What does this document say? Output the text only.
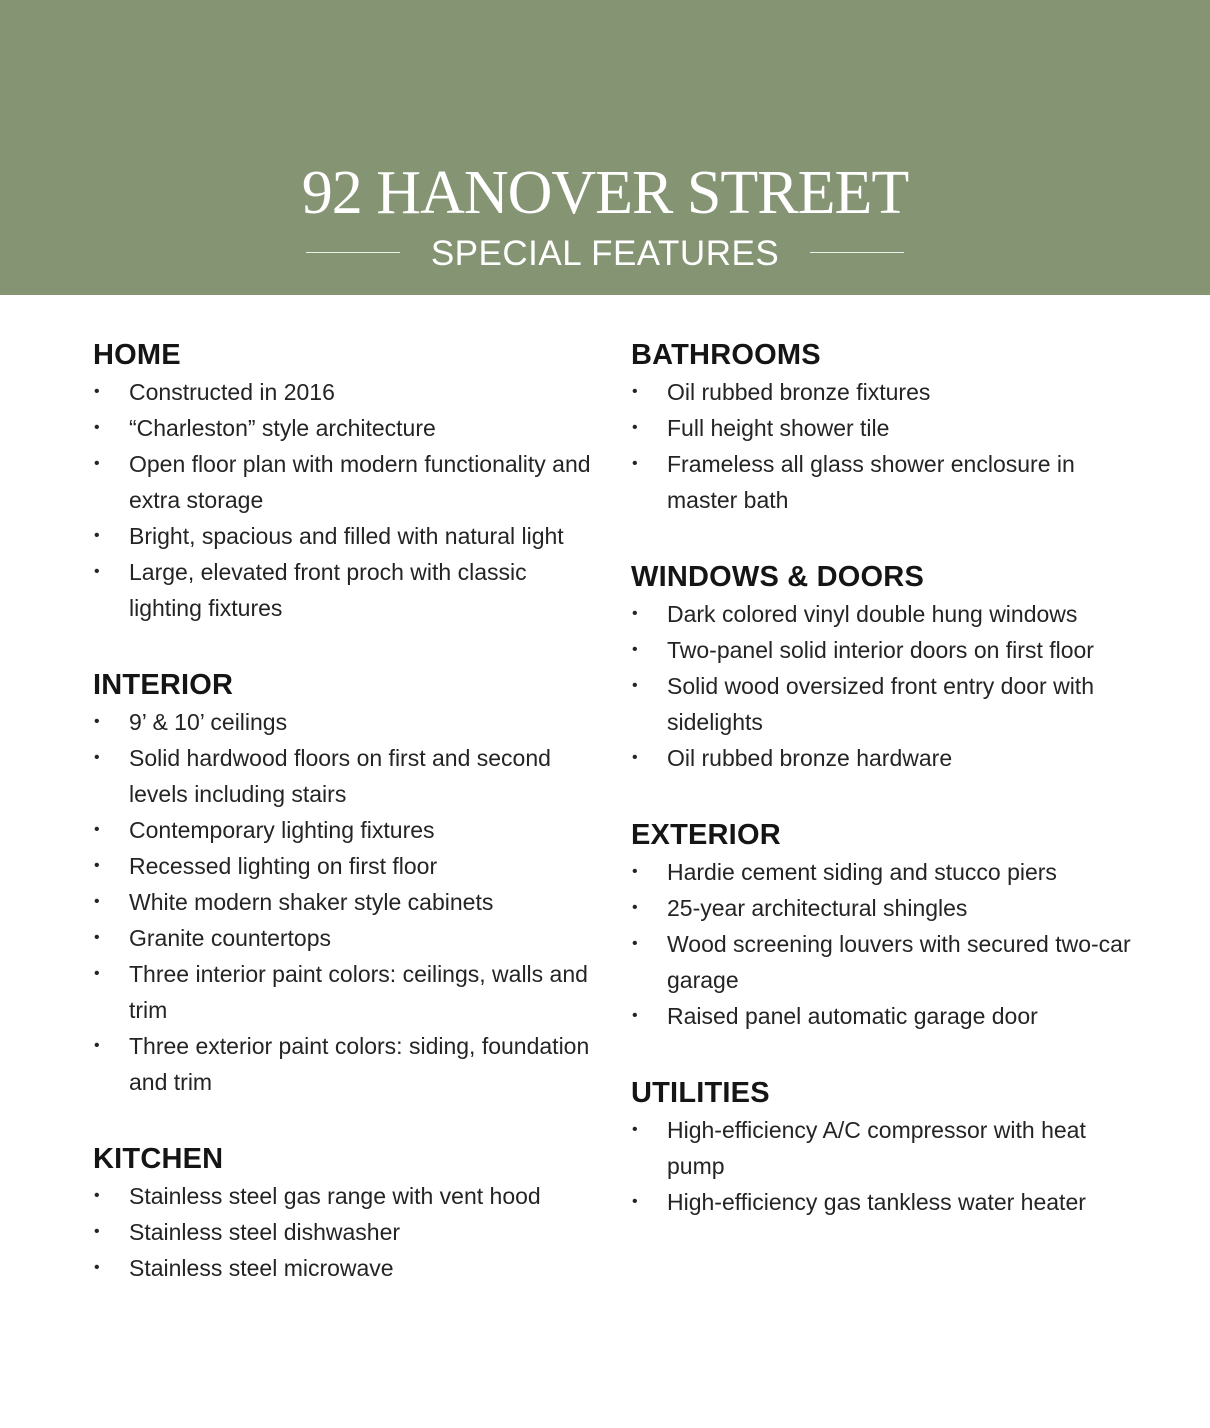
92 HANOVER STREET
SPECIAL FEATURES
HOME
• Constructed in 2016
• “Charleston” style architecture
• Open floor plan with modern functionality and extra storage
• Bright, spacious and filled with natural light
• Large, elevated front proch with classic lighting fixtures
INTERIOR
• 9’ & 10’ ceilings
• Solid hardwood floors on first and second levels including stairs
• Contemporary lighting fixtures
• Recessed lighting on first floor
• White modern shaker style cabinets
• Granite countertops
• Three interior paint colors: ceilings, walls and trim
• Three exterior paint colors: siding, foundation and trim
KITCHEN
• Stainless steel gas range with vent hood
• Stainless steel dishwasher
• Stainless steel microwave
BATHROOMS
• Oil rubbed bronze fixtures
• Full height shower tile
• Frameless all glass shower enclosure in master bath
WINDOWS & DOORS
• Dark colored vinyl double hung windows
• Two-panel solid interior doors on first floor
• Solid wood oversized front entry door with sidelights
• Oil rubbed bronze hardware
EXTERIOR
• Hardie cement siding and stucco piers
• 25-year architectural shingles
• Wood screening louvers with secured two-car garage
• Raised panel automatic garage door
UTILITIES
• High-efficiency A/C compressor with heat pump
• High-efficiency gas tankless water heater
